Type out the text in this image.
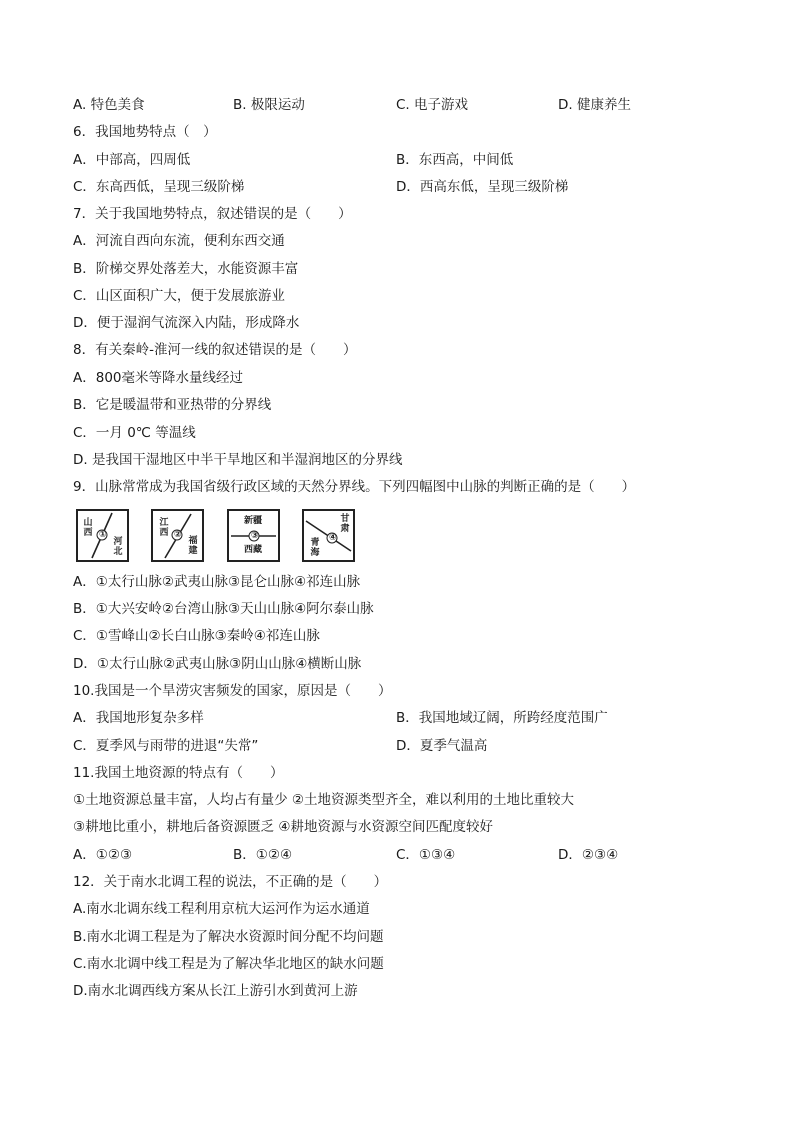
A. 特色美食	B. 极限运动	C. 电子游戏	D. 健康养生
6．我国地势特点（　）
A．中部高，四周低	B．东西高，中间低
C．东高西低，呈现三级阶梯	D．西高东低，呈现三级阶梯
7．关于我国地势特点，叙述错误的是（　　）
A．河流自西向东流，便利东西交通
B．阶梯交界处落差大，水能资源丰富
C．山区面积广大，便于发展旅游业
D．便于湿润气流深入内陆，形成降水
8．有关秦岭-淮河一线的叙述错误的是（　　）
A．800毫米等降水量线经过
B．它是暖温带和亚热带的分界线
C．一月 0℃ 等温线
D. 是我国干湿地区中半干旱地区和半湿润地区的分界线
9．山脉常常成为我国省级行政区域的天然分界线。下列四幅图中山脉的判断正确的是（　　）
①
山西
河北
②
江西
福建
③
新疆
西藏
④
甘肃
青海
A．①太行山脉②武夷山脉③昆仑山脉④祁连山脉
B．①大兴安岭②台湾山脉③天山山脉④阿尔泰山脉
C．①雪峰山②长白山脉③秦岭④祁连山脉
D．①太行山脉②武夷山脉③阴山山脉④横断山脉
10.我国是一个旱涝灾害频发的国家，原因是（　　）
A．我国地形复杂多样	B．我国地域辽阔，所跨经度范围广
C．夏季风与雨带的进退“失常”	D．夏季气温高
11.我国土地资源的特点有（　　）
①土地资源总量丰富，人均占有量少 ②土地资源类型齐全，难以利用的土地比重较大
③耕地比重小，耕地后备资源匮乏 ④耕地资源与水资源空间匹配度较好
A．①②③	B．①②④	C．①③④	D．②③④
12．关于南水北调工程的说法，不正确的是（　　）
A.南水北调东线工程利用京杭大运河作为运水通道
B.南水北调工程是为了解决水资源时间分配不均问题
C.南水北调中线工程是为了解决华北地区的缺水问题
D.南水北调西线方案从长江上游引水到黄河上游
